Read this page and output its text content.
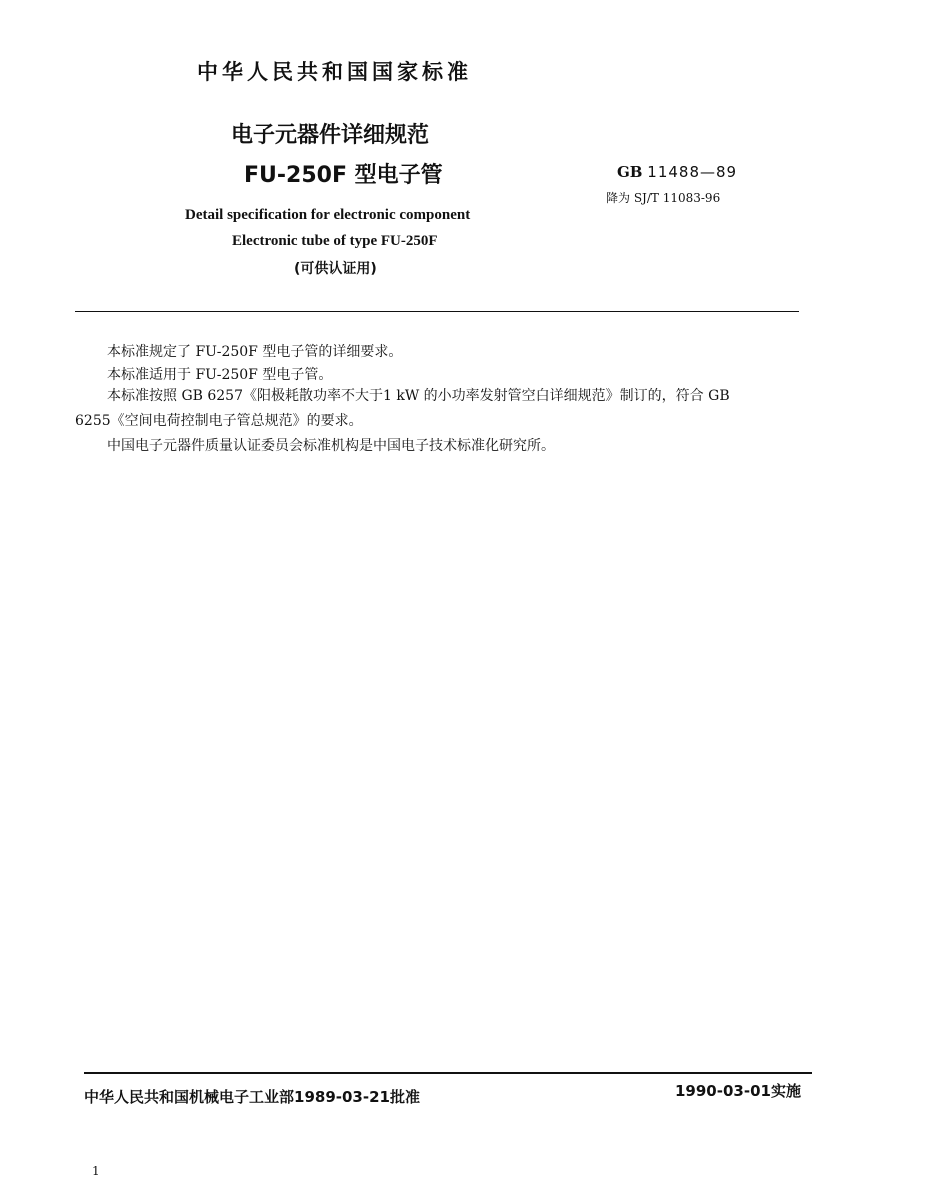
中华人民共和国国家标准
电子元器件详细规范
FU-250F 型电子管	GB 11488—89
降为 SJ/T 11083-96
Detail specification for electronic component
Electronic tube of type FU-250F
(可供认证用)
本标准规定了 FU-250F 型电子管的详细要求。
本标准适用于 FU-250F 型电子管。
本标准按照 GB 6257《阳极耗散功率不大于1 kW 的小功率发射管空白详细规范》制订的，符合 GB
6255《空间电荷控制电子管总规范》的要求。
中国电子元器件质量认证委员会标准机构是中国电子技术标准化研究所。
中华人民共和国机械电子工业部1989-03-21批准	1990-03-01实施
1
